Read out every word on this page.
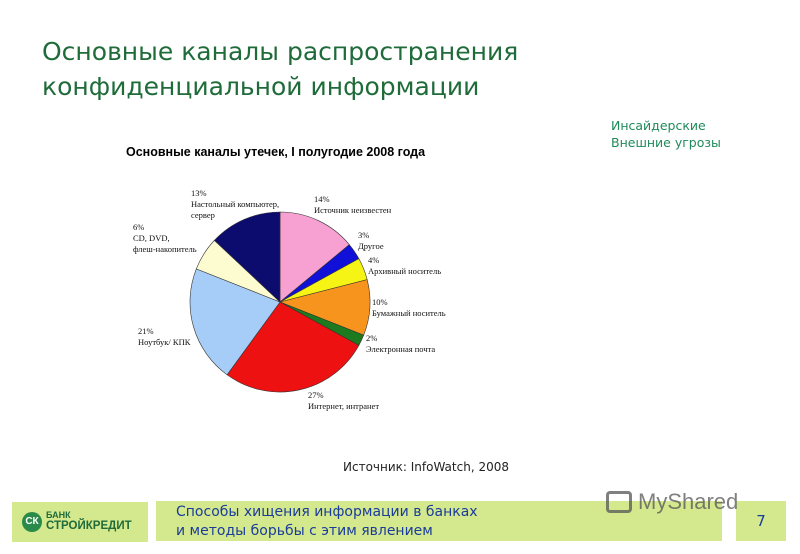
Основные каналы распространения
конфиденциальной информации
Инсайдерские
Внешние угрозы
Основные каналы утечек, I полугодие 2008 года
14% Источник неизвестен
3% Другое
4% Архивный носитель
10% Бумажный носитель
2% Электронная почта
27% Интернет, интранет
21% Ноутбук/ КПК
6% CD, DVD, флеш-накопитель
13% Настольный компьютер, сервер
Источник: InfoWatch, 2008
СК
БАНК
СТРОЙКРЕДИТ
Способы хищения информации в банках
и методы борьбы с этим явлением
7
MyShared
